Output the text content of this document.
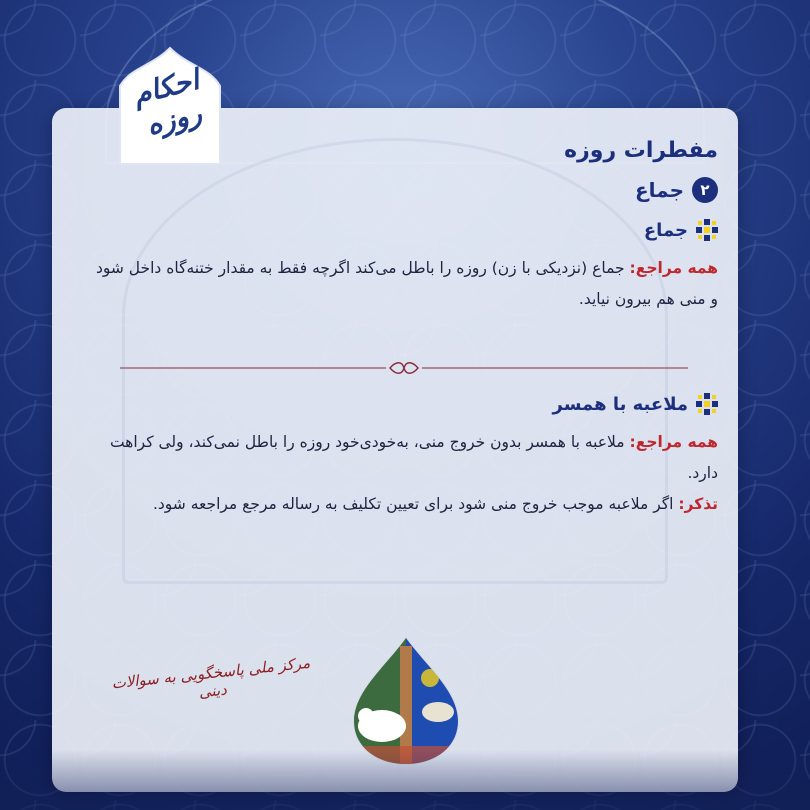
احکام روزه
مفطرات روزه
۲
جماع
جماع

همه مراجع: جماع (نزدیکی با زن) روزه را باطل می‌کند اگرچه فقط به مقدار ختنه‌گاه داخل شود و منی هم بیرون نیاید.

ملاعبه با همسر

همه مراجع: ملاعبه با همسر بدون خروج منی، به‌خودی‌خود روزه را باطل نمی‌کند، ولی کراهت دارد.

تذکر: اگر ملاعبه موجب خروج منی شود برای تعیین تکلیف به رساله مرجع مراجعه شود.

مرکز ملی پاسخگویی به سوالات دینی
